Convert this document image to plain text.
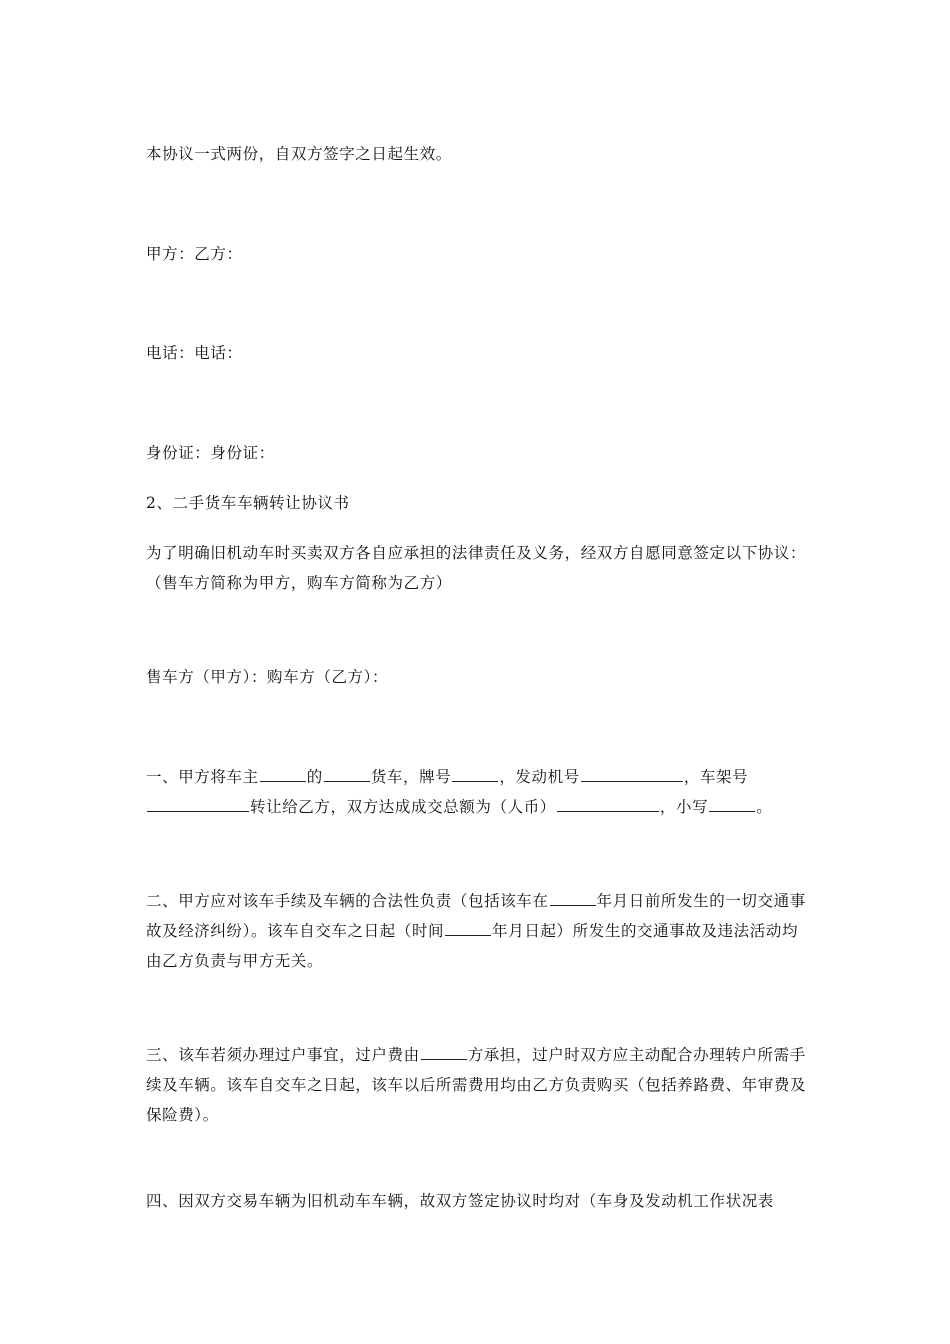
本协议一式两份，自双方签字之日起生效。
甲方：乙方：
电话：电话：
身份证：身份证：
2、二手货车车辆转让协议书
为了明确旧机动车时买卖双方各自应承担的法律责任及义务，经双方自愿同意签定以下协议：（售车方简称为甲方，购车方简称为乙方）
售车方（甲方）：购车方（乙方）：
一、甲方将车主	的	货车，牌号	，发动机号	，车架号转让给乙方，双方达成成交总额为（人币）	，小写	。
二、甲方应对该车手续及车辆的合法性负责（包括该车在	年月日前所发生的一切交通事故及经济纠纷）。该车自交车之日起（时间	年月日起）所发生的交通事故及违法活动均由乙方负责与甲方无关。
三、该车若须办理过户事宜，过户费由	方承担，过户时双方应主动配合办理转户所需手续及车辆。该车自交车之日起，该车以后所需费用均由乙方负责购买（包括养路费、年审费及保险费）。
四、因双方交易车辆为旧机动车车辆，故双方签定协议时均对（车身及发动机工作状况表
